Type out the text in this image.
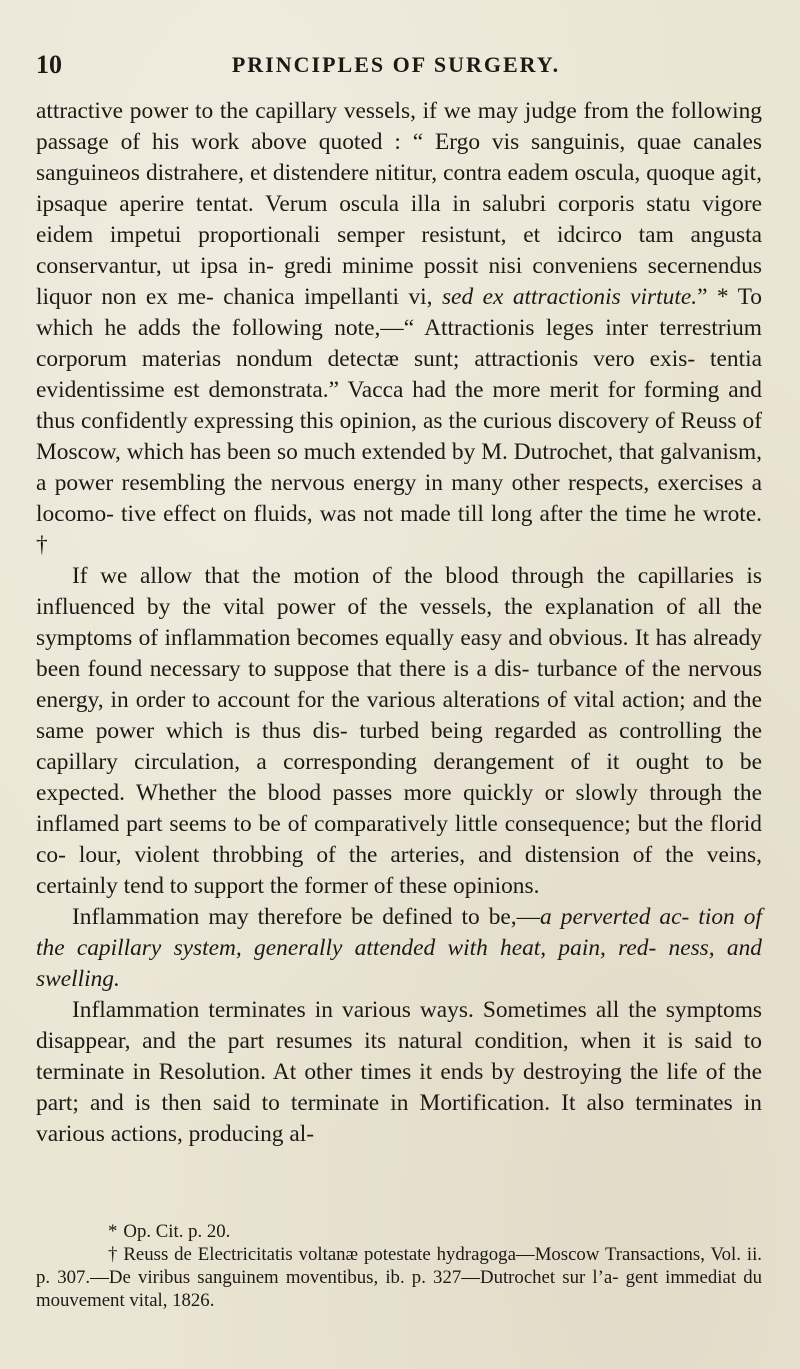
10	PRINCIPLES OF SURGERY.

attractive power to the capillary vessels, if we may judge from the following passage of his work above quoted : “ Ergo vis sanguinis, quae canales sanguineos distrahere, et distendere nititur, contra eadem oscula, quoque agit, ipsaque aperire tentat. Verum oscula illa in salubri corporis statu vigore eidem impetui proportionali semper resistunt, et idcirco tam angusta conservantur, ut ipsa in- gredi minime possit nisi conveniens secernendus liquor non ex me- chanica impellanti vi, sed ex attractionis virtute.” * To which he adds the following note,—“ Attractionis leges inter terrestrium corporum materias nondum detectæ sunt; attractionis vero exis- tentia evidentissime est demonstrata.” Vacca had the more merit for forming and thus confidently expressing this opinion, as the curious discovery of Reuss of Moscow, which has been so much extended by M. Dutrochet, that galvanism, a power resembling the nervous energy in many other respects, exercises a locomo- tive effect on fluids, was not made till long after the time he wrote. †

If we allow that the motion of the blood through the capillaries is influenced by the vital power of the vessels, the explanation of all the symptoms of inflammation becomes equally easy and obvious. It has already been found necessary to suppose that there is a dis- turbance of the nervous energy, in order to account for the various alterations of vital action; and the same power which is thus dis- turbed being regarded as controlling the capillary circulation, a corresponding derangement of it ought to be expected. Whether the blood passes more quickly or slowly through the inflamed part seems to be of comparatively little consequence; but the florid co- lour, violent throbbing of the arteries, and distension of the veins, certainly tend to support the former of these opinions.

Inflammation may therefore be defined to be,—a perverted ac- tion of the capillary system, generally attended with heat, pain, red- ness, and swelling.

Inflammation terminates in various ways. Sometimes all the symptoms disappear, and the part resumes its natural condition, when it is said to terminate in Resolution. At other times it ends by destroying the life of the part; and is then said to terminate in Mortification. It also terminates in various actions, producing al-

* Op. Cit. p. 20.

† Reuss de Electricitatis voltanæ potestate hydragoga—Moscow Transactions, Vol. ii. p. 307.—De viribus sanguinem moventibus, ib. p. 327—Dutrochet sur l’a- gent immediat du mouvement vital, 1826.
